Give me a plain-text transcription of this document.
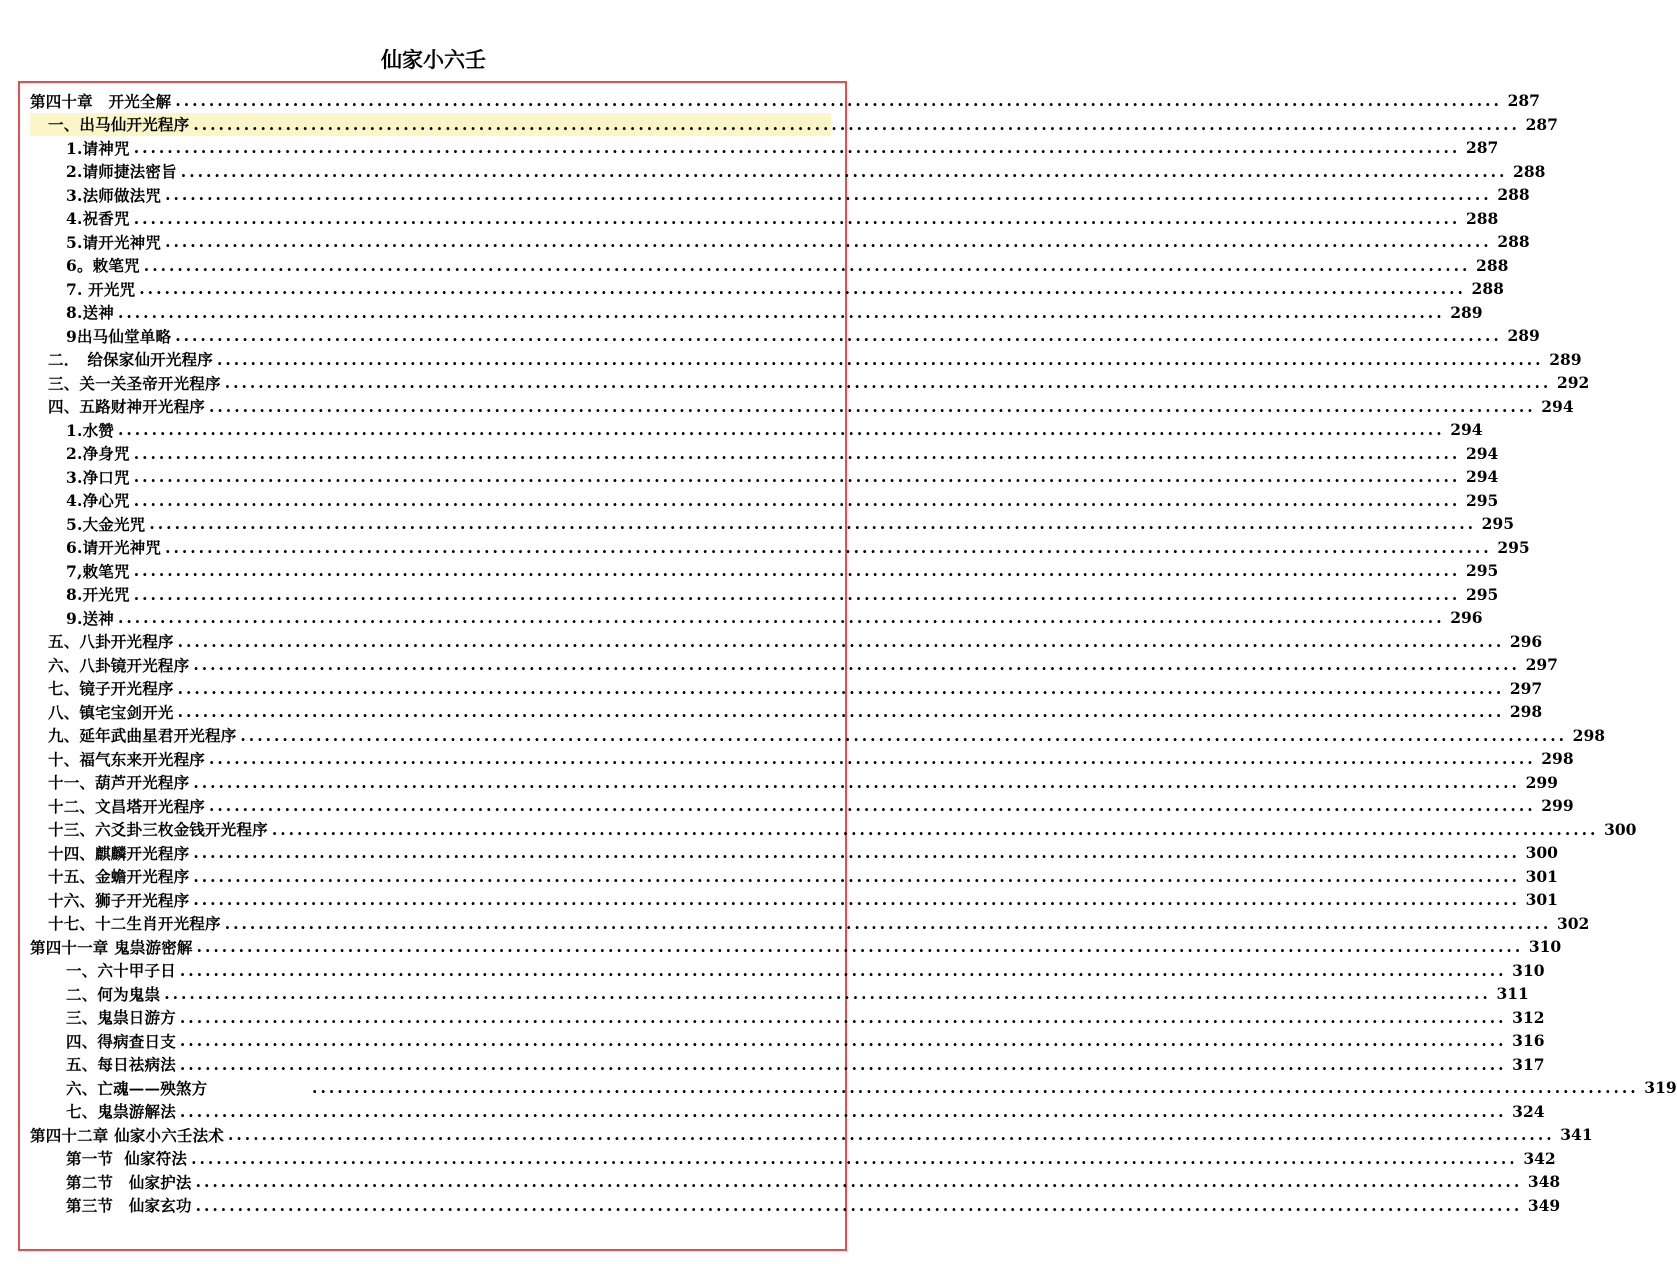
仙家小六壬
第四十章　开光全解 .............................................................................................................................................................. 287
一、出马仙开光程序 .............................................................................................................................................................. 287
1.请神咒 .............................................................................................................................................................. 287
2.请师捷法密旨 .............................................................................................................................................................. 288
3.法师做法咒 .............................................................................................................................................................. 288
4.祝香咒 .............................................................................................................................................................. 288
5.请开光神咒 .............................................................................................................................................................. 288
6。敕笔咒 .............................................................................................................................................................. 288
7. 开光咒 .............................................................................................................................................................. 288
8.送神 .............................................................................................................................................................. 289
9出马仙堂单略 .............................................................................................................................................................. 289
二．　给保家仙开光程序 .............................................................................................................................................................. 289
三、关一关圣帝开光程序 .............................................................................................................................................................. 292
四、五路财神开光程序 .............................................................................................................................................................. 294
1.水赞 .............................................................................................................................................................. 294
2.净身咒 .............................................................................................................................................................. 294
3.净口咒 .............................................................................................................................................................. 294
4.净心咒 .............................................................................................................................................................. 295
5.大金光咒 .............................................................................................................................................................. 295
6.请开光神咒 .............................................................................................................................................................. 295
7,敕笔咒 .............................................................................................................................................................. 295
8.开光咒 .............................................................................................................................................................. 295
9.送神 .............................................................................................................................................................. 296
五、八卦开光程序 .............................................................................................................................................................. 296
六、八卦镜开光程序 .............................................................................................................................................................. 297
七、镜子开光程序 .............................................................................................................................................................. 297
八、镇宅宝剑开光 .............................................................................................................................................................. 298
九、延年武曲星君开光程序 .............................................................................................................................................................. 298
十、福气东来开光程序 .............................................................................................................................................................. 298
十一、葫芦开光程序 .............................................................................................................................................................. 299
十二、文昌塔开光程序 .............................................................................................................................................................. 299
十三、六爻卦三枚金钱开光程序 .............................................................................................................................................................. 300
十四、麒麟开光程序 .............................................................................................................................................................. 300
十五、金蟾开光程序 .............................................................................................................................................................. 301
十六、狮子开光程序 .............................................................................................................................................................. 301
十七、十二生肖开光程序 .............................................................................................................................................................. 302
第四十一章 鬼祟游密解 .............................................................................................................................................................. 310
一、六十甲子日 .............................................................................................................................................................. 310
二、何为鬼祟 .............................................................................................................................................................. 311
三、鬼祟日游方 .............................................................................................................................................................. 312
四、得病查日支 .............................................................................................................................................................. 316
五、每日祛病法 .............................................................................................................................................................. 317
六、亡魂——殃煞方 .............................................................................................................................................................. 319
七、鬼祟游解法 .............................................................................................................................................................. 324
第四十二章 仙家小六壬法术 .............................................................................................................................................................. 341
第一节  仙家符法 .............................................................................................................................................................. 342
第二节　仙家护法 .............................................................................................................................................................. 348
第三节　仙家玄功 .............................................................................................................................................................. 349
